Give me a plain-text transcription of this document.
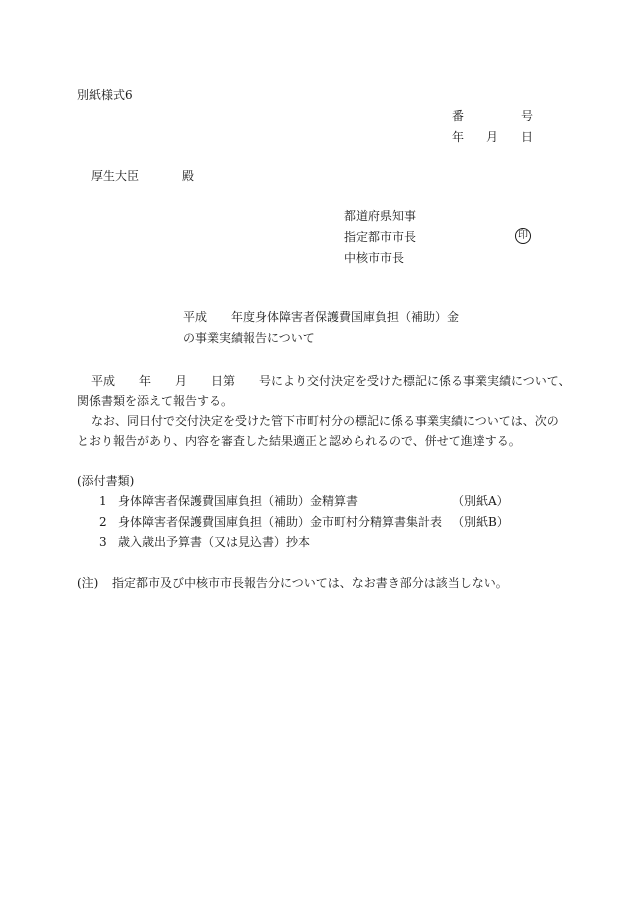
別紙様式6
番	号
年 月 日
厚生大臣	殿
都道府県知事
指定都市市長
中核市市長
印
平成　　年度身体障害者保護費国庫負担（補助）金
の事業実績報告について
平成　　年　　月　　日第　　号により交付決定を受けた標記に係る事業実績について、
関係書類を添えて報告する。
なお、同日付で交付決定を受けた管下市町村分の標記に係る事業実績については、次の
とおり報告があり、内容を審査した結果適正と認められるので、併せて進達する。
(添付書類)
1 身体障害者保護費国庫負担（補助）金精算書	（別紙A）
2 身体障害者保護費国庫負担（補助）金市町村分精算書集計表 （別紙B）
3 歳入歳出予算書（又は見込書）抄本
(注) 指定都市及び中核市市長報告分については、なお書き部分は該当しない。
